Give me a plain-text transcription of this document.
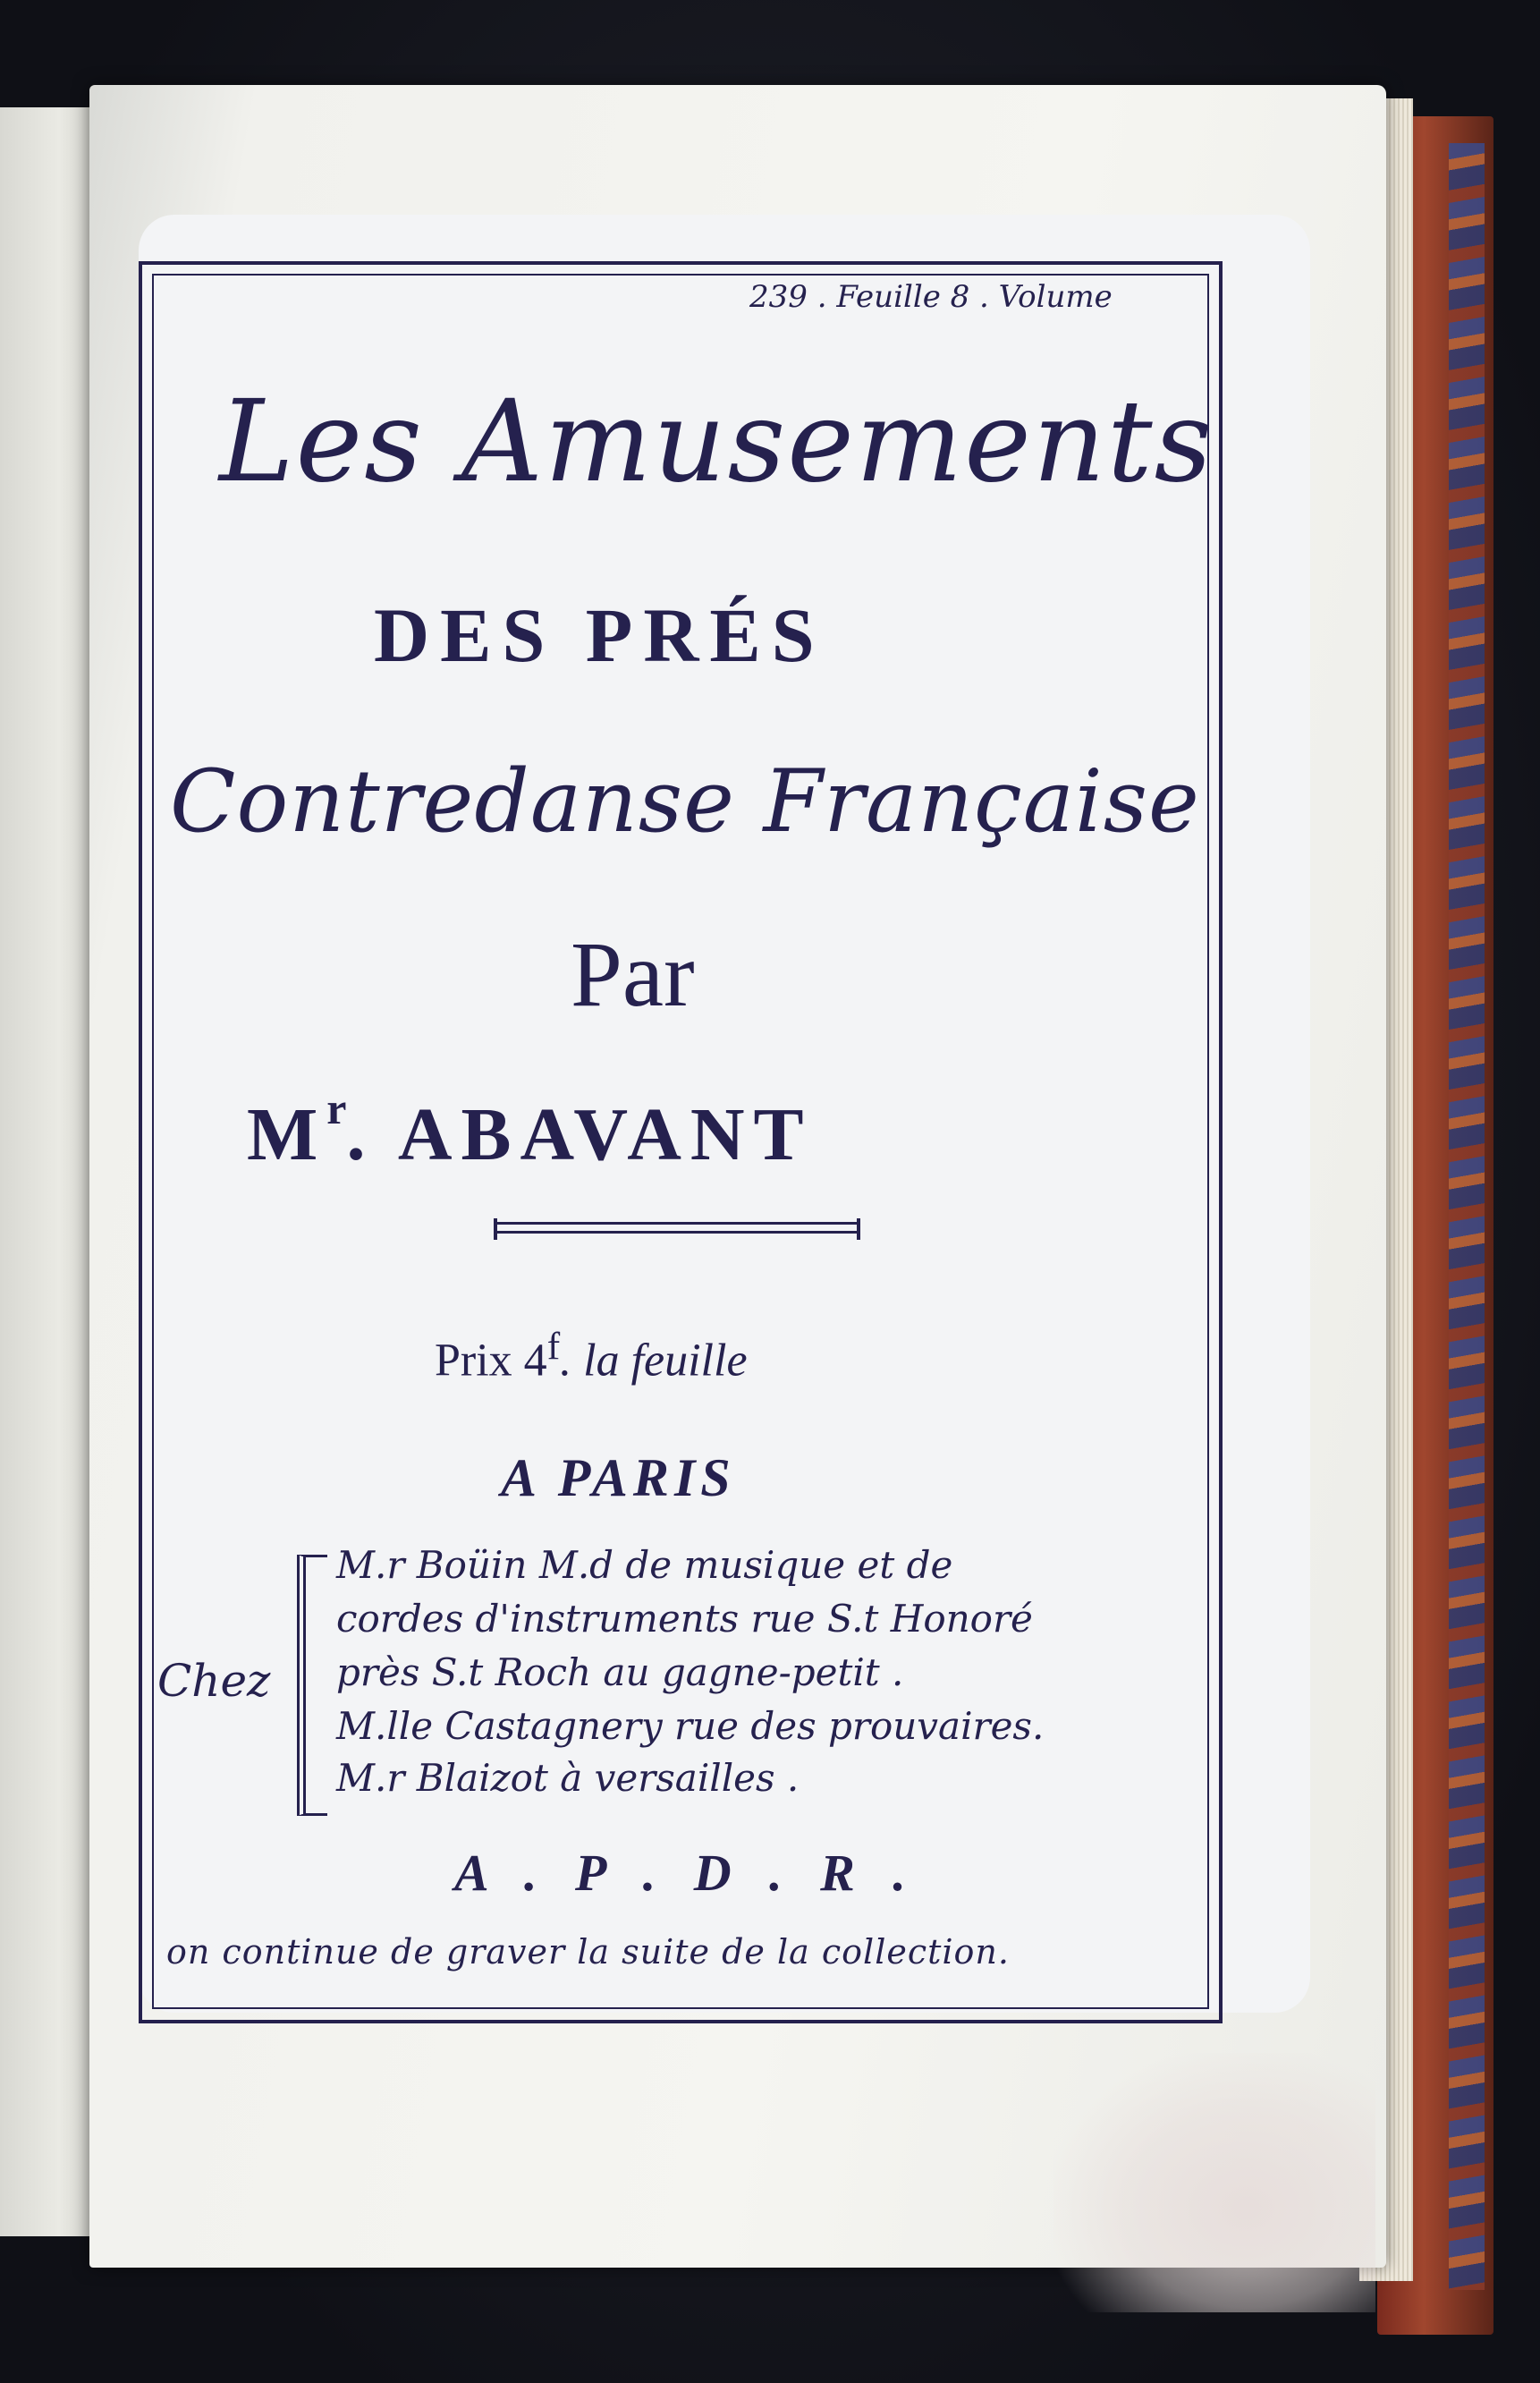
239 . Feuille 8 . Volume
Les Amusements
DES PRÉS
Contredanse Française
Par
$M^r$. ABAVANT
Prix 4$^f$. la feuille
A PARIS
Chez
M.r Boüin M.d de musique et de
cordes d'instruments rue S.t Honoré
près S.t Roch au gagne-petit .
M.lle Castagnery rue des prouvaires.
M.r Blaizot à versailles .
A . P . D . R .
on continue de graver la suite de la collection.
